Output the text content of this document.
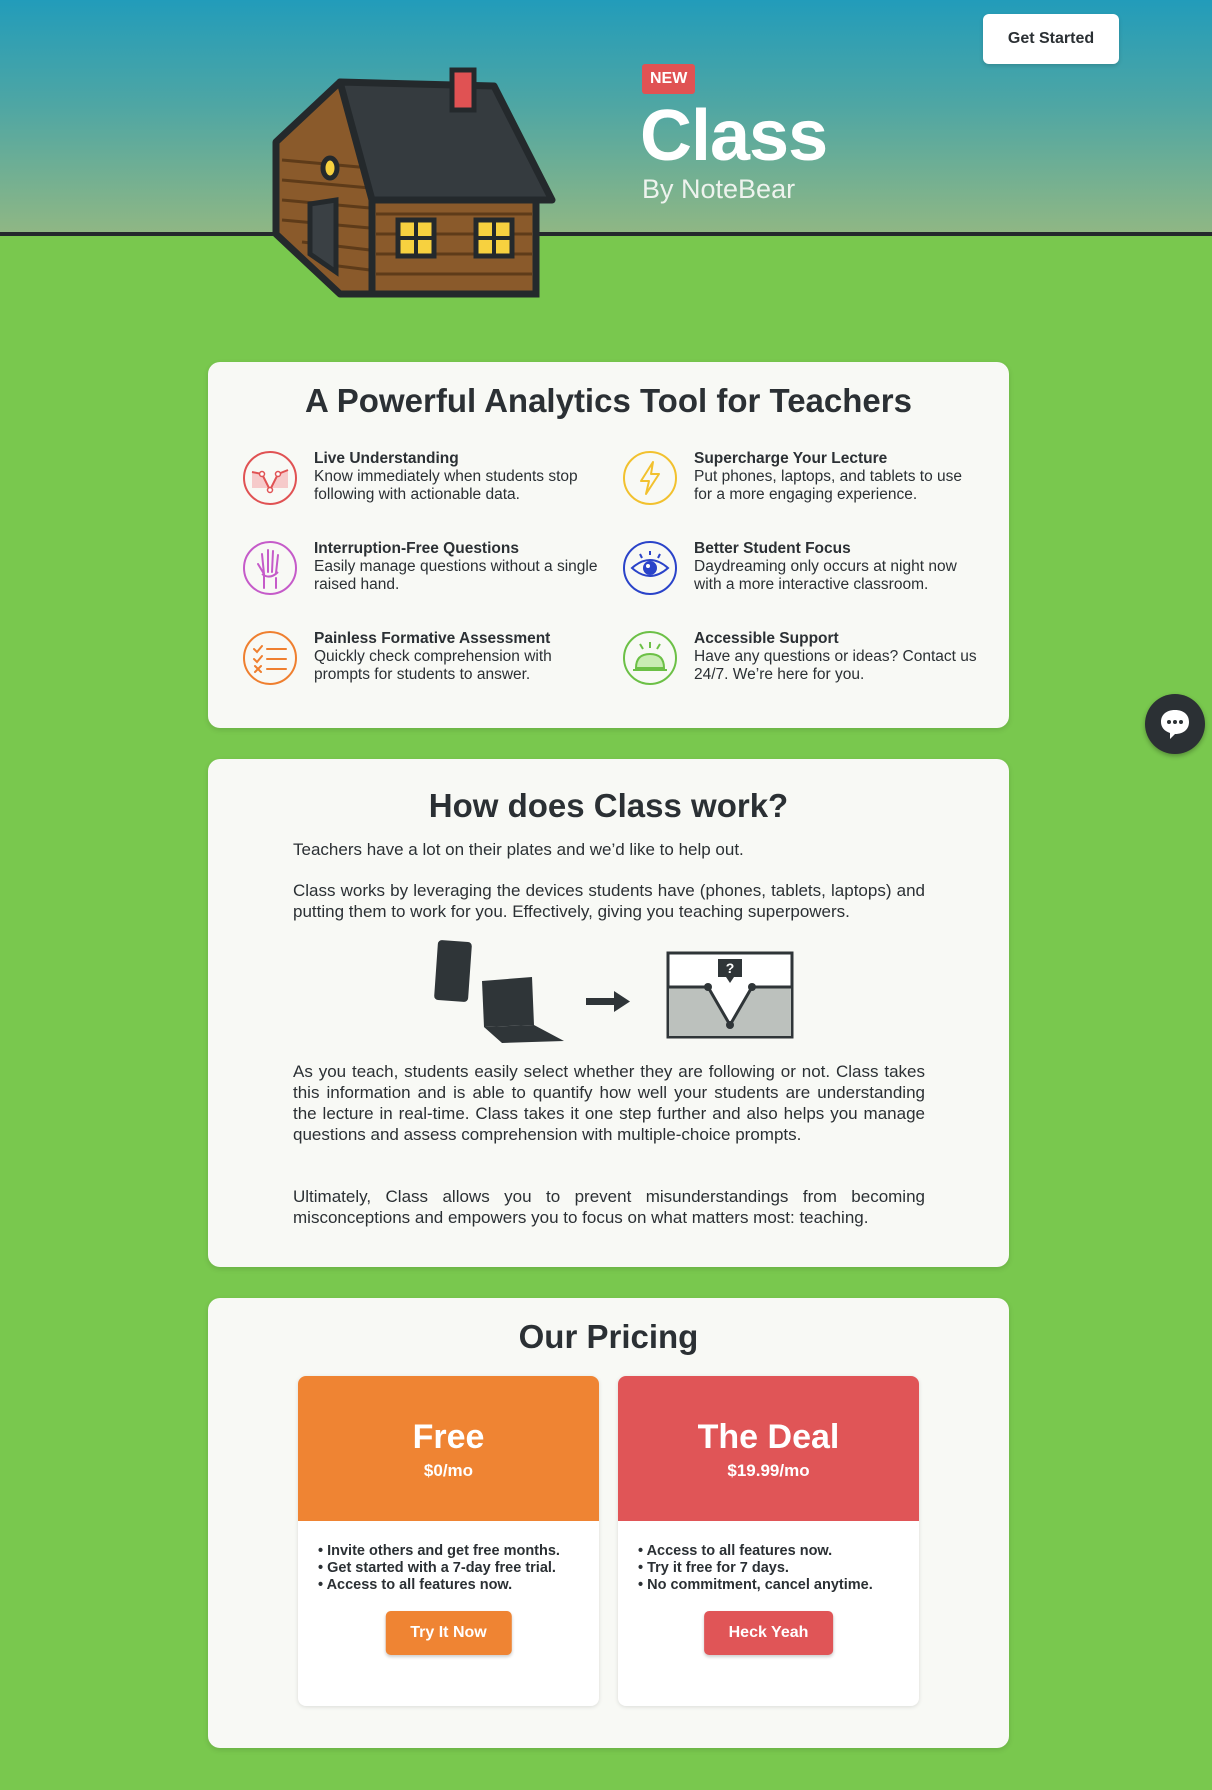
Get Started
NEW
Class
By NoteBear
A Powerful Analytics Tool for Teachers
Live Understanding
Know immediately when students stop following with actionable data.
Supercharge Your Lecture
Put phones, laptops, and tablets to use for a more engaging experience.
Interruption-Free Questions
Easily manage questions without a single raised hand.
Better Student Focus
Daydreaming only occurs at night now with a more interactive classroom.
Painless Formative Assessment
Quickly check comprehension with prompts for students to answer.
Accessible Support
Have any questions or ideas? Contact us 24/7. We’re here for you.
How does Class work?

Teachers have a lot on their plates and we’d like to help out.

Class works by leveraging the devices students have (phones, tablets, laptops) and putting them to work for you. Effectively, giving you teaching superpowers.

?

As you teach, students easily select whether they are following or not. Class takes this information and is able to quantify how well your students are understanding the lecture in real-time. Class takes it one step further and also helps you manage questions and assess comprehension with multiple-choice prompts.

Ultimately, Class allows you to prevent misunderstandings from becoming misconceptions and empowers you to focus on what matters most: teaching.

Our Pricing
Free
$0/mo
• Invite others and get free months.
• Get started with a 7-day free trial.
• Access to all features now.
Try It Now
The Deal
$19.99/mo
• Access to all features now.
• Try it free for 7 days.
• No commitment, cancel anytime.
Heck Yeah
